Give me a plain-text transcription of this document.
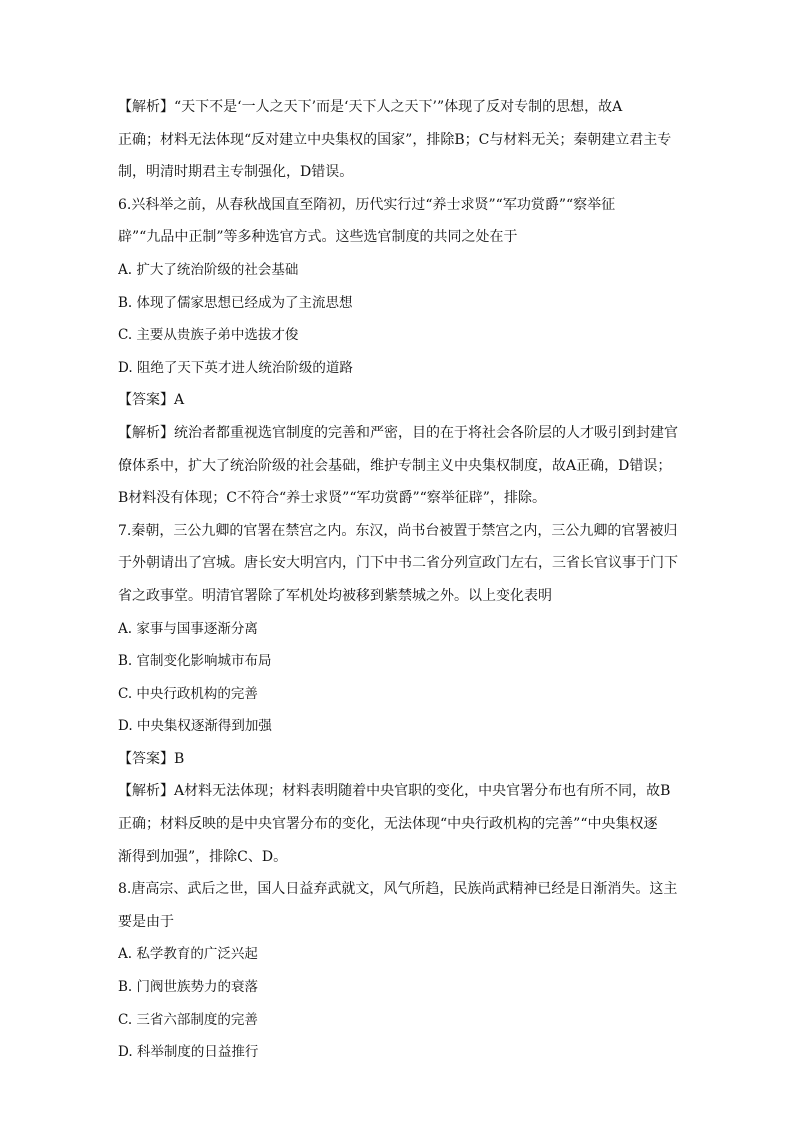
【解析】“天下不是‘一人之天下’而是‘天下人之天下’”体现了反对专制的思想，故A
正确；材料无法体现“反对建立中央集权的国家”，排除B；C与材料无关；秦朝建立君主专
制，明清时期君主专制强化，D错误。
6.兴科举之前，从春秋战国直至隋初，历代实行过“养士求贤”“军功赏爵”“察举征
辟”“九品中正制”等多种选官方式。这些选官制度的共同之处在于
A. 扩大了统治阶级的社会基础
B. 体现了儒家思想已经成为了主流思想
C. 主要从贵族子弟中选拔才俊
D. 阻绝了天下英才进人统治阶级的道路
【答案】A
【解析】统治者都重视选官制度的完善和严密，目的在于将社会各阶层的人才吸引到封建官
僚体系中，扩大了统治阶级的社会基础，维护专制主义中央集权制度，故A正确，D错误；
B材料没有体现；C不符合“养士求贤”“军功赏爵”“察举征辟”，排除。
7.秦朝，三公九卿的官署在禁宫之内。东汉，尚书台被置于禁宫之内，三公九卿的官署被归
于外朝请出了宫城。唐长安大明宫内，门下中书二省分列宣政门左右，三省长官议事于门下
省之政事堂。明清官署除了军机处均被移到紫禁城之外。以上变化表明
A. 家事与国事逐渐分离
B. 官制变化影响城市布局
C. 中央行政机构的完善
D. 中央集权逐渐得到加强
【答案】B
【解析】A材料无法体现；材料表明随着中央官职的变化，中央官署分布也有所不同，故B
正确；材料反映的是中央官署分布的变化，无法体现“中央行政机构的完善”“中央集权逐
渐得到加强”，排除C、D。
8.唐高宗、武后之世，国人日益弃武就文，风气所趋，民族尚武精神已经是日渐消失。这主
要是由于
A. 私学教育的广泛兴起
B. 门阀世族势力的衰落
C. 三省六部制度的完善
D. 科举制度的日益推行
